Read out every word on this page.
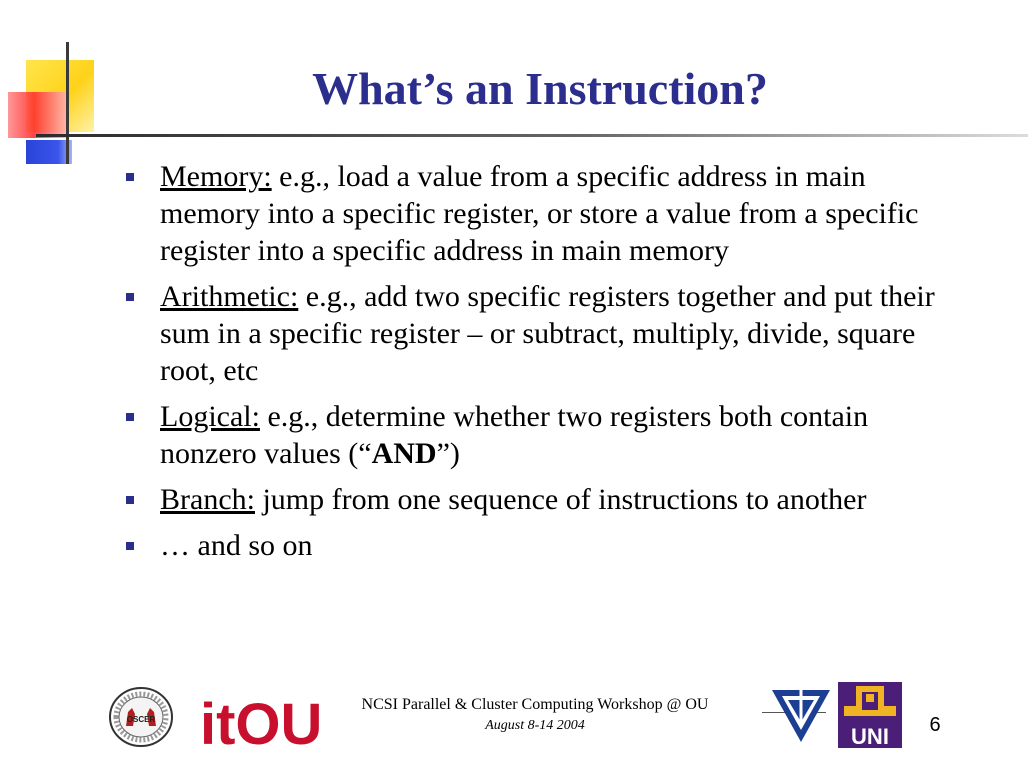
What’s an Instruction?
Memory: e.g., load a value from a specific address in main memory into a specific register, or store a value from a specific register into a specific address in main memory
Arithmetic: e.g., add two specific registers together and put their sum in a specific register – or subtract, multiply, divide, square root, etc
Logical: e.g., determine whether two registers both contain nonzero values (“AND”)
Branch: jump from one sequence of instructions to another
… and so on
OSCER itOU	NCSI Parallel & Cluster Computing Workshop @ OU
August 8-14 2004	UNI	6
